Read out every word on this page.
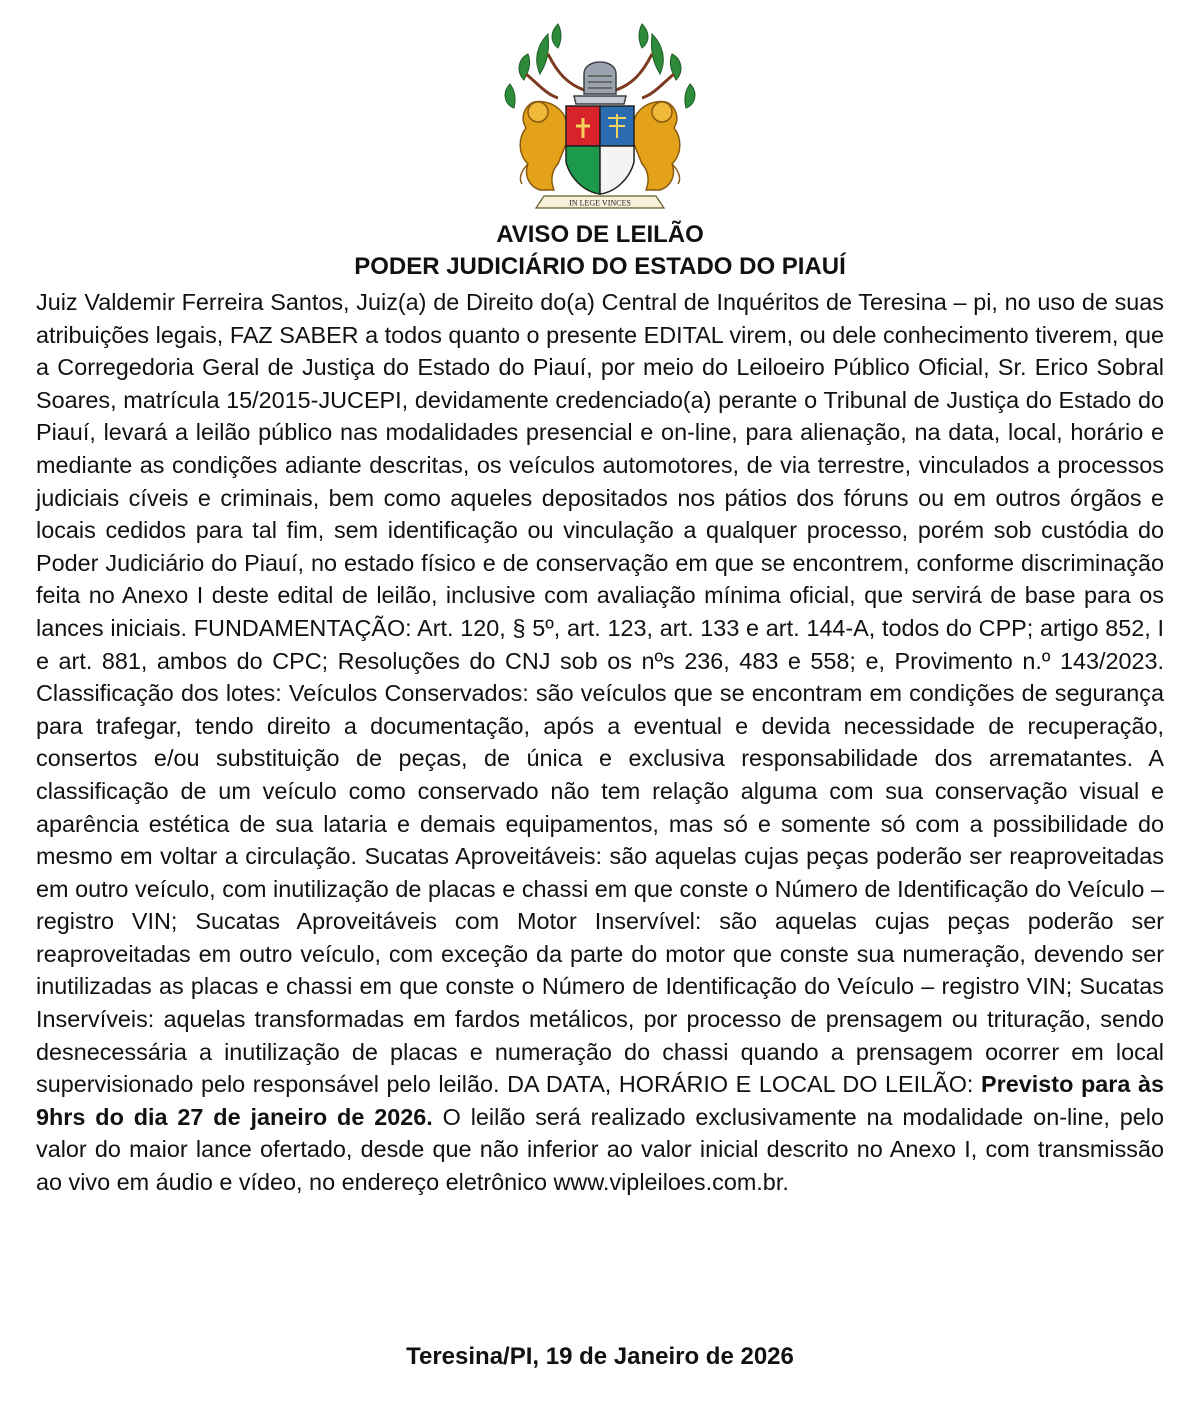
IN LEGE VINCES
AVISO DE LEILÃO
PODER JUDICIÁRIO DO ESTADO DO PIAUÍ

Juiz Valdemir Ferreira Santos, Juiz(a) de Direito do(a) Central de Inquéritos de Teresina – pi, no uso de suas atribuições legais, FAZ SABER a todos quanto o presente EDITAL virem, ou dele conhecimento tiverem, que a Corregedoria Geral de Justiça do Estado do Piauí, por meio do Leiloeiro Público Oficial, Sr. Erico Sobral Soares, matrícula 15/2015-JUCEPI, devidamente credenciado(a) perante o Tribunal de Justiça do Estado do Piauí, levará a leilão público nas modalidades presencial e on-line, para alienação, na data, local, horário e mediante as condições adiante descritas, os veículos automotores, de via terrestre, vinculados a processos judiciais cíveis e criminais, bem como aqueles depositados nos pátios dos fóruns ou em outros órgãos e locais cedidos para tal fim, sem identificação ou vinculação a qualquer processo, porém sob custódia do Poder Judiciário do Piauí, no estado físico e de conservação em que se encontrem, conforme discriminação feita no Anexo I deste edital de leilão, inclusive com avaliação mínima oficial, que servirá de base para os lances iniciais. FUNDAMENTAÇÃO: Art. 120, § 5º, art. 123, art. 133 e art. 144-A, todos do CPP; artigo 852, I e art. 881, ambos do CPC; Resoluções do CNJ sob os nºs 236, 483 e 558; e, Provimento n.º 143/2023. Classificação dos lotes: Veículos Conservados: são veículos que se encontram em condições de segurança para trafegar, tendo direito a documentação, após a eventual e devida necessidade de recuperação, consertos e/ou substituição de peças, de única e exclusiva responsabilidade dos arrematantes. A classificação de um veículo como conservado não tem relação alguma com sua conservação visual e aparência estética de sua lataria e demais equipamentos, mas só e somente só com a possibilidade do mesmo em voltar a circulação. Sucatas Aproveitáveis: são aquelas cujas peças poderão ser reaproveitadas em outro veículo, com inutilização de placas e chassi em que conste o Número de Identificação do Veículo – registro VIN; Sucatas Aproveitáveis com Motor Inservível: são aquelas cujas peças poderão ser reaproveitadas em outro veículo, com exceção da parte do motor que conste sua numeração, devendo ser inutilizadas as placas e chassi em que conste o Número de Identificação do Veículo – registro VIN; Sucatas Inservíveis: aquelas transformadas em fardos metálicos, por processo de prensagem ou trituração, sendo desnecessária a inutilização de placas e numeração do chassi quando a prensagem ocorrer em local supervisionado pelo responsável pelo leilão. DA DATA, HORÁRIO E LOCAL DO LEILÃO: Previsto para às 9hrs do dia 27 de janeiro de 2026. O leilão será realizado exclusivamente na modalidade on-line, pelo valor do maior lance ofertado, desde que não inferior ao valor inicial descrito no Anexo I, com transmissão ao vivo em áudio e vídeo, no endereço eletrônico www.vipleiloes.com.br.

Teresina/PI, 19 de Janeiro de 2026
